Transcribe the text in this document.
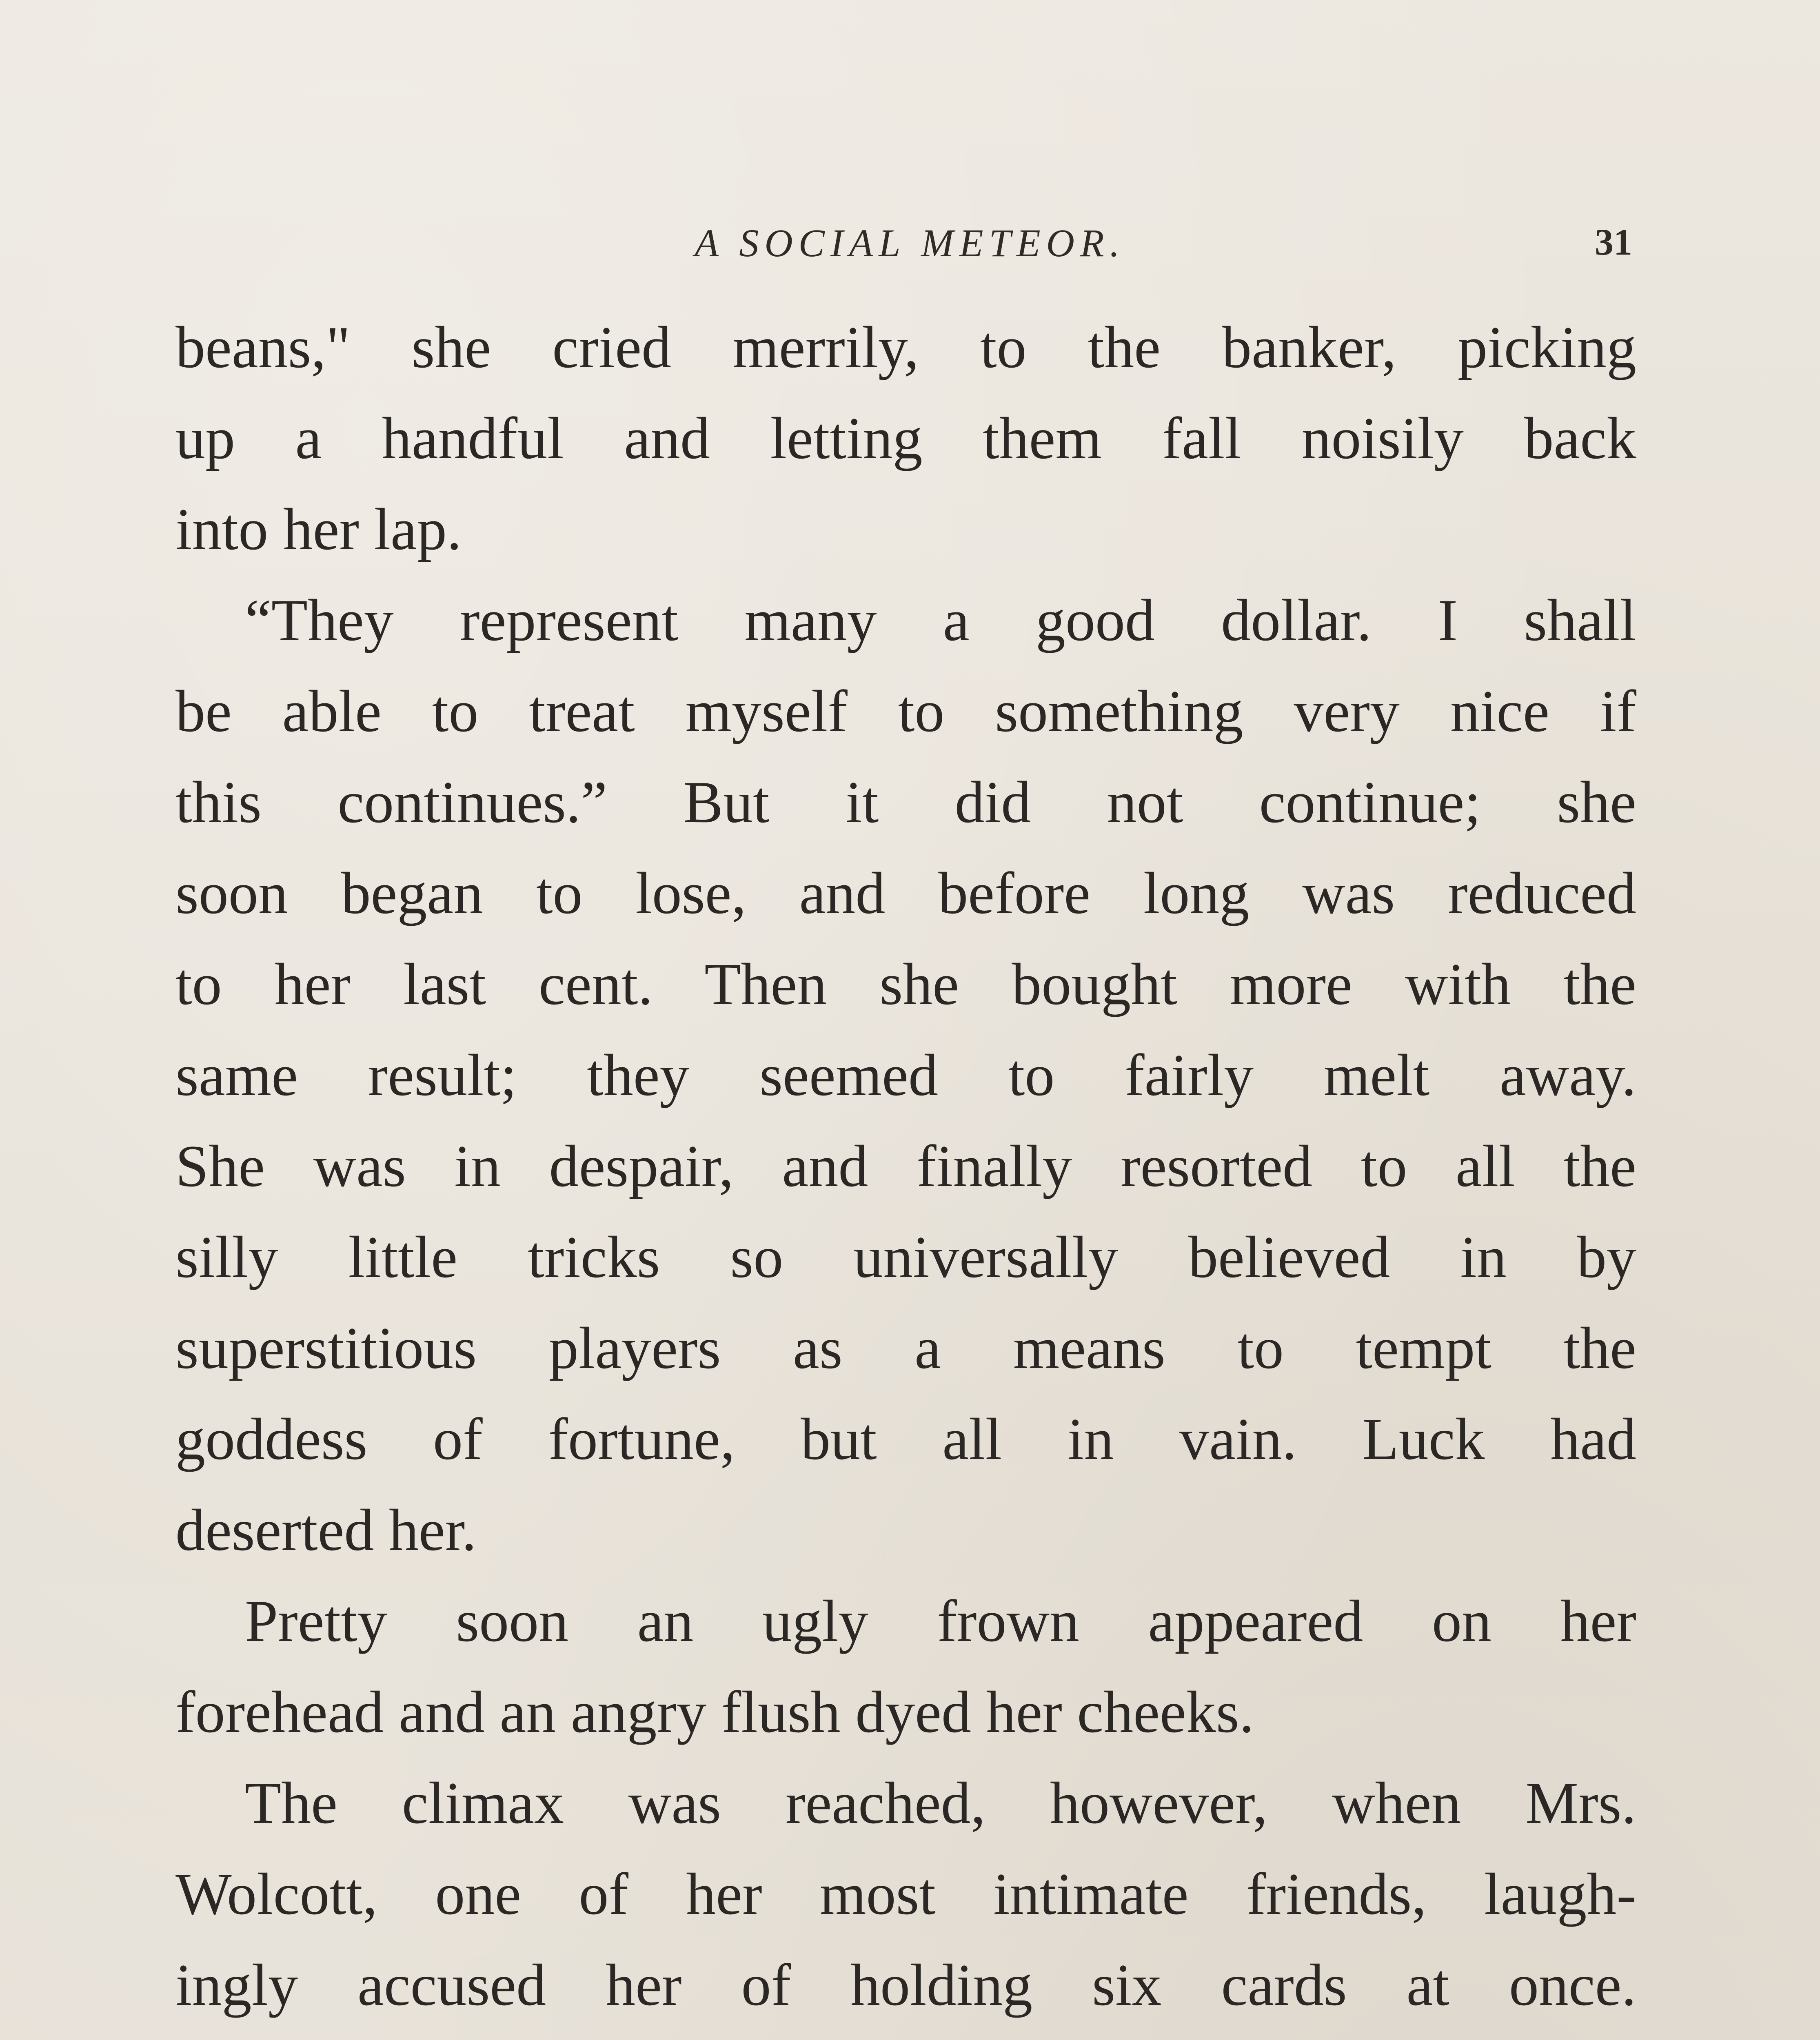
A SOCIAL METEOR.	31
beans," she cried merrily, to the banker, picking
up a handful and letting them fall noisily back
into her lap.
“They represent many a good dollar. I shall
be able to treat myself to something very nice if
this continues.” But it did not continue; she
soon began to lose, and before long was reduced
to her last cent. Then she bought more with the
same result; they seemed to fairly melt away.
She was in despair, and finally resorted to all the
silly little tricks so universally believed in by
superstitious players as a means to tempt the
goddess of fortune, but all in vain. Luck had
deserted her.
Pretty soon an ugly frown appeared on her
forehead and an angry flush dyed her cheeks.
The climax was reached, however, when Mrs.
Wolcott, one of her most intimate friends, laugh-
ingly accused her of holding six cards at once.
